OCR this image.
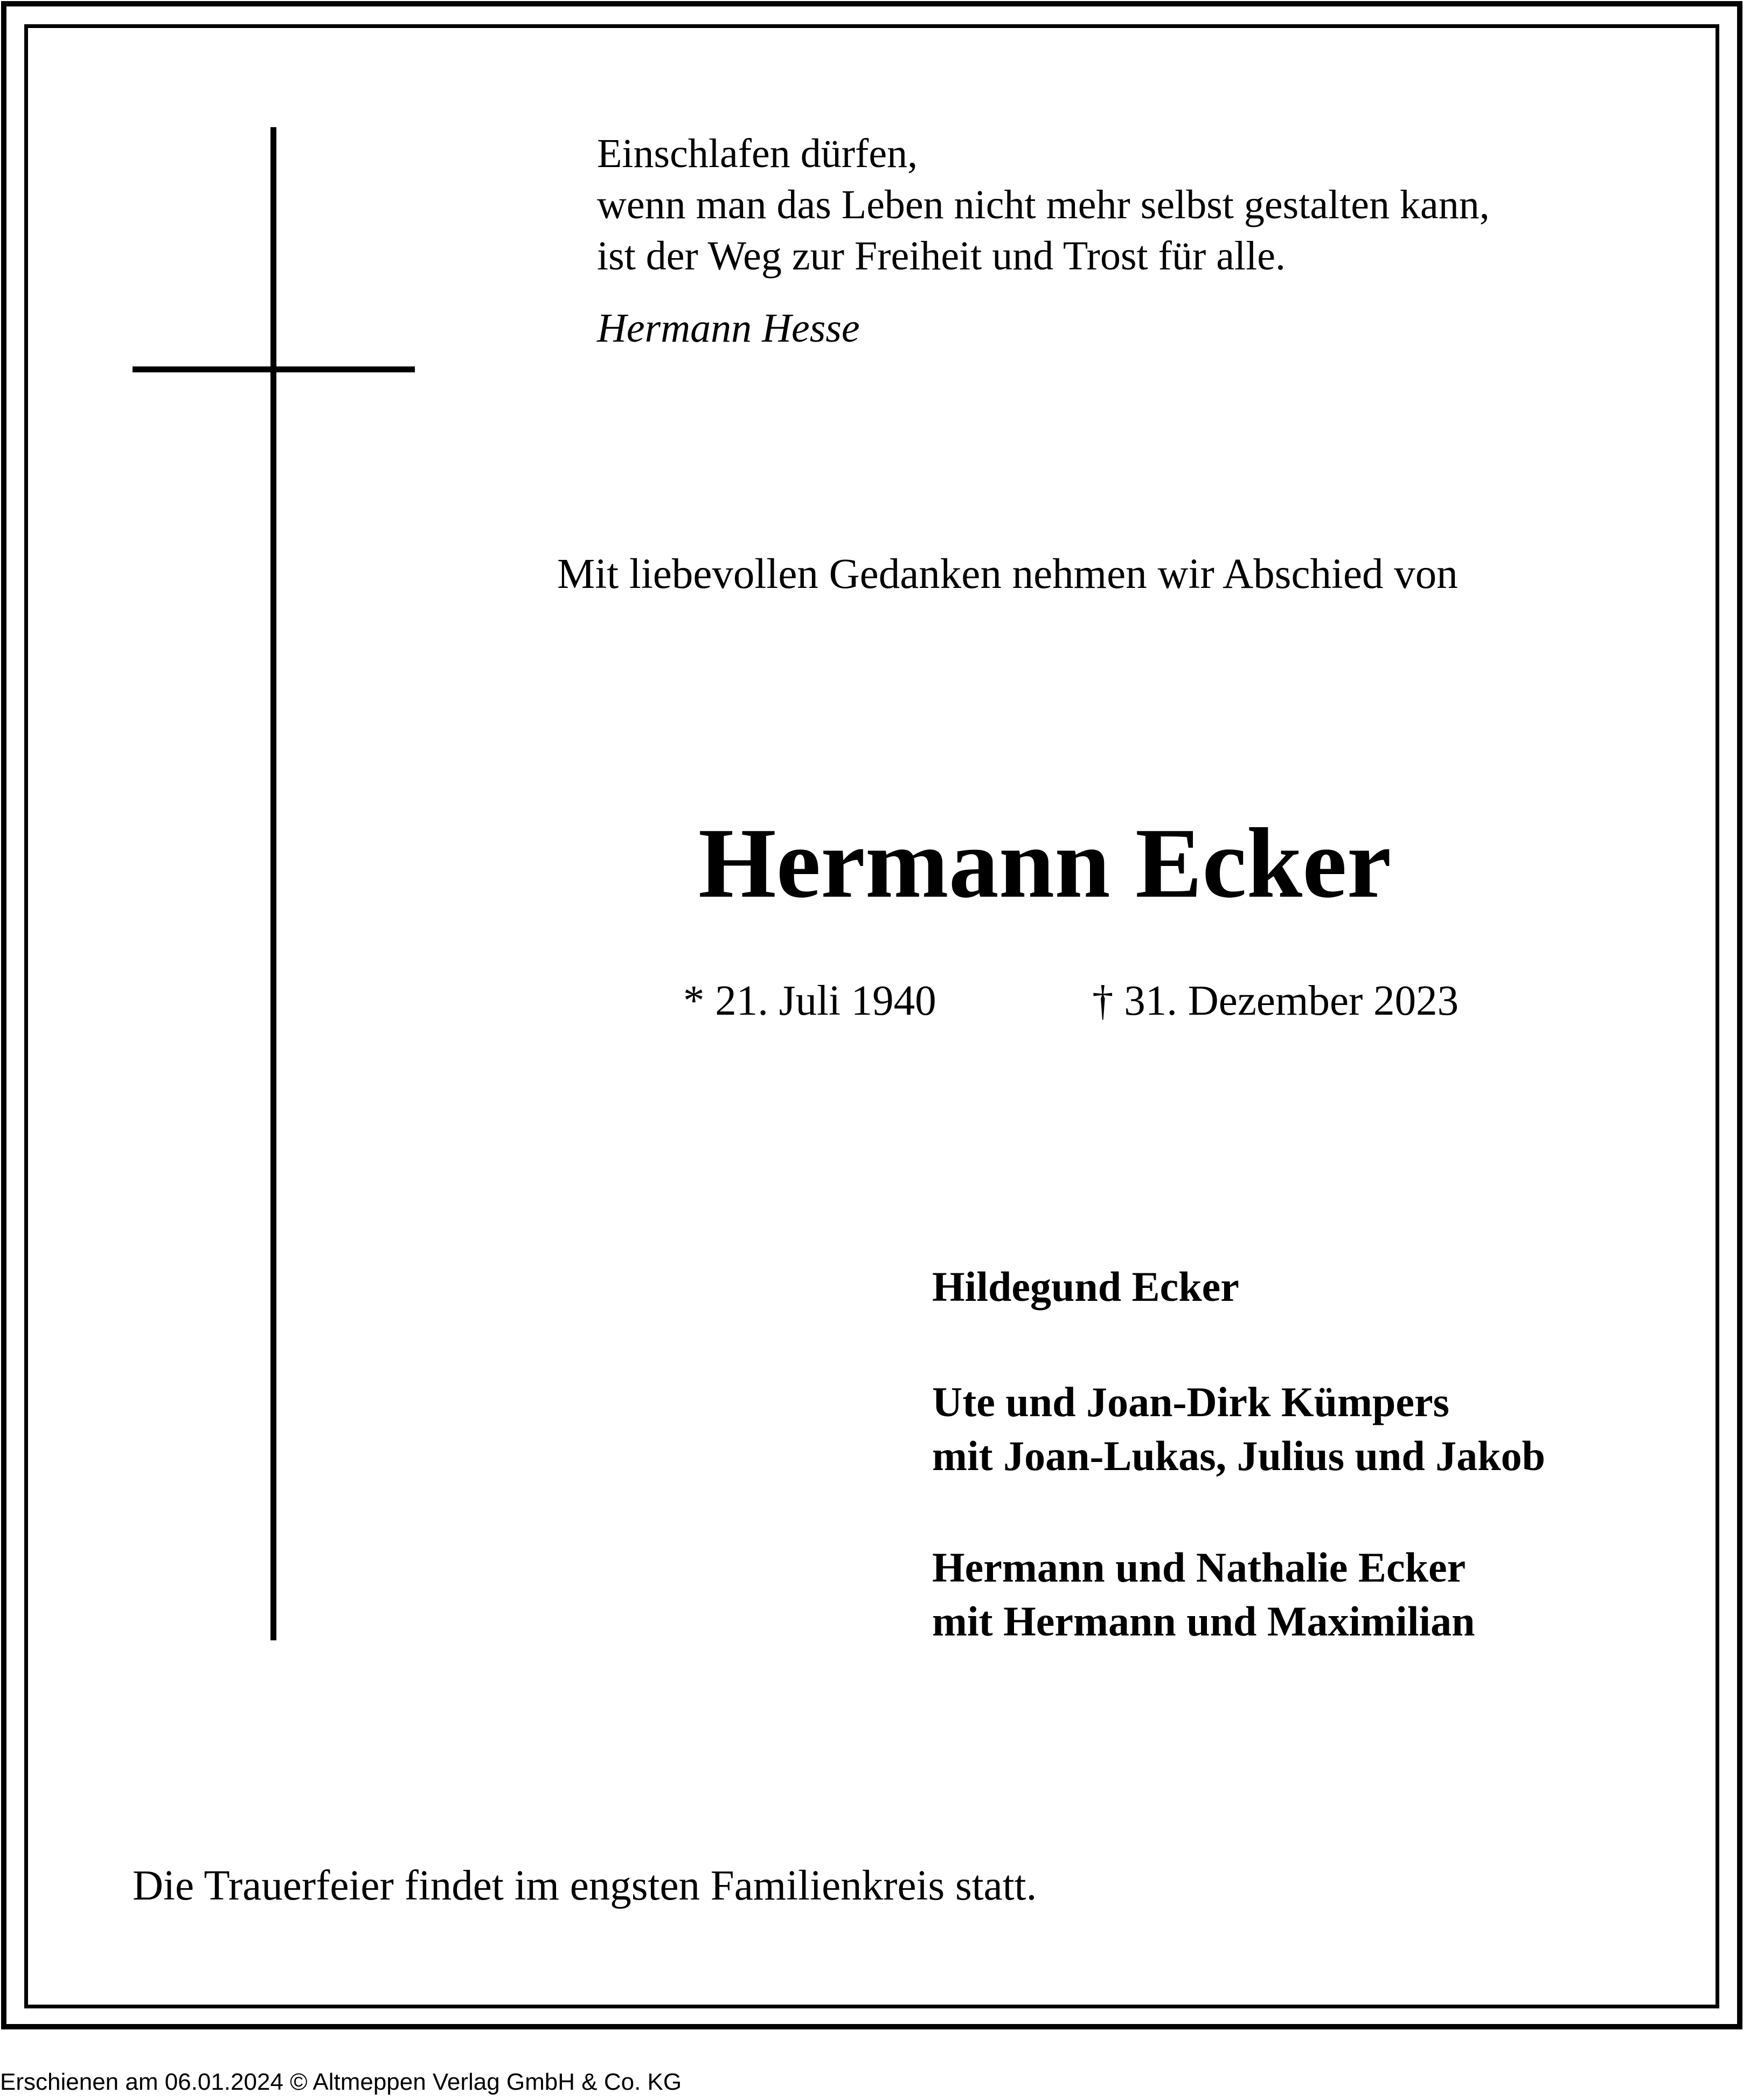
Einschlafen dürfen,
wenn man das Leben nicht mehr selbst gestalten kann,
ist der Weg zur Freiheit und Trost für alle.
Hermann Hesse
Mit liebevollen Gedanken nehmen wir Abschied von
Hermann Ecker
* 21. Juli 1940	† 31. Dezember 2023
Hildegund Ecker
Ute und Joan-Dirk Kümpers
mit Joan-Lukas, Julius und Jakob
Hermann und Nathalie Ecker
mit Hermann und Maximilian
Die Trauerfeier findet im engsten Familienkreis statt.
Erschienen am 06.01.2024 © Altmeppen Verlag GmbH & Co. KG
